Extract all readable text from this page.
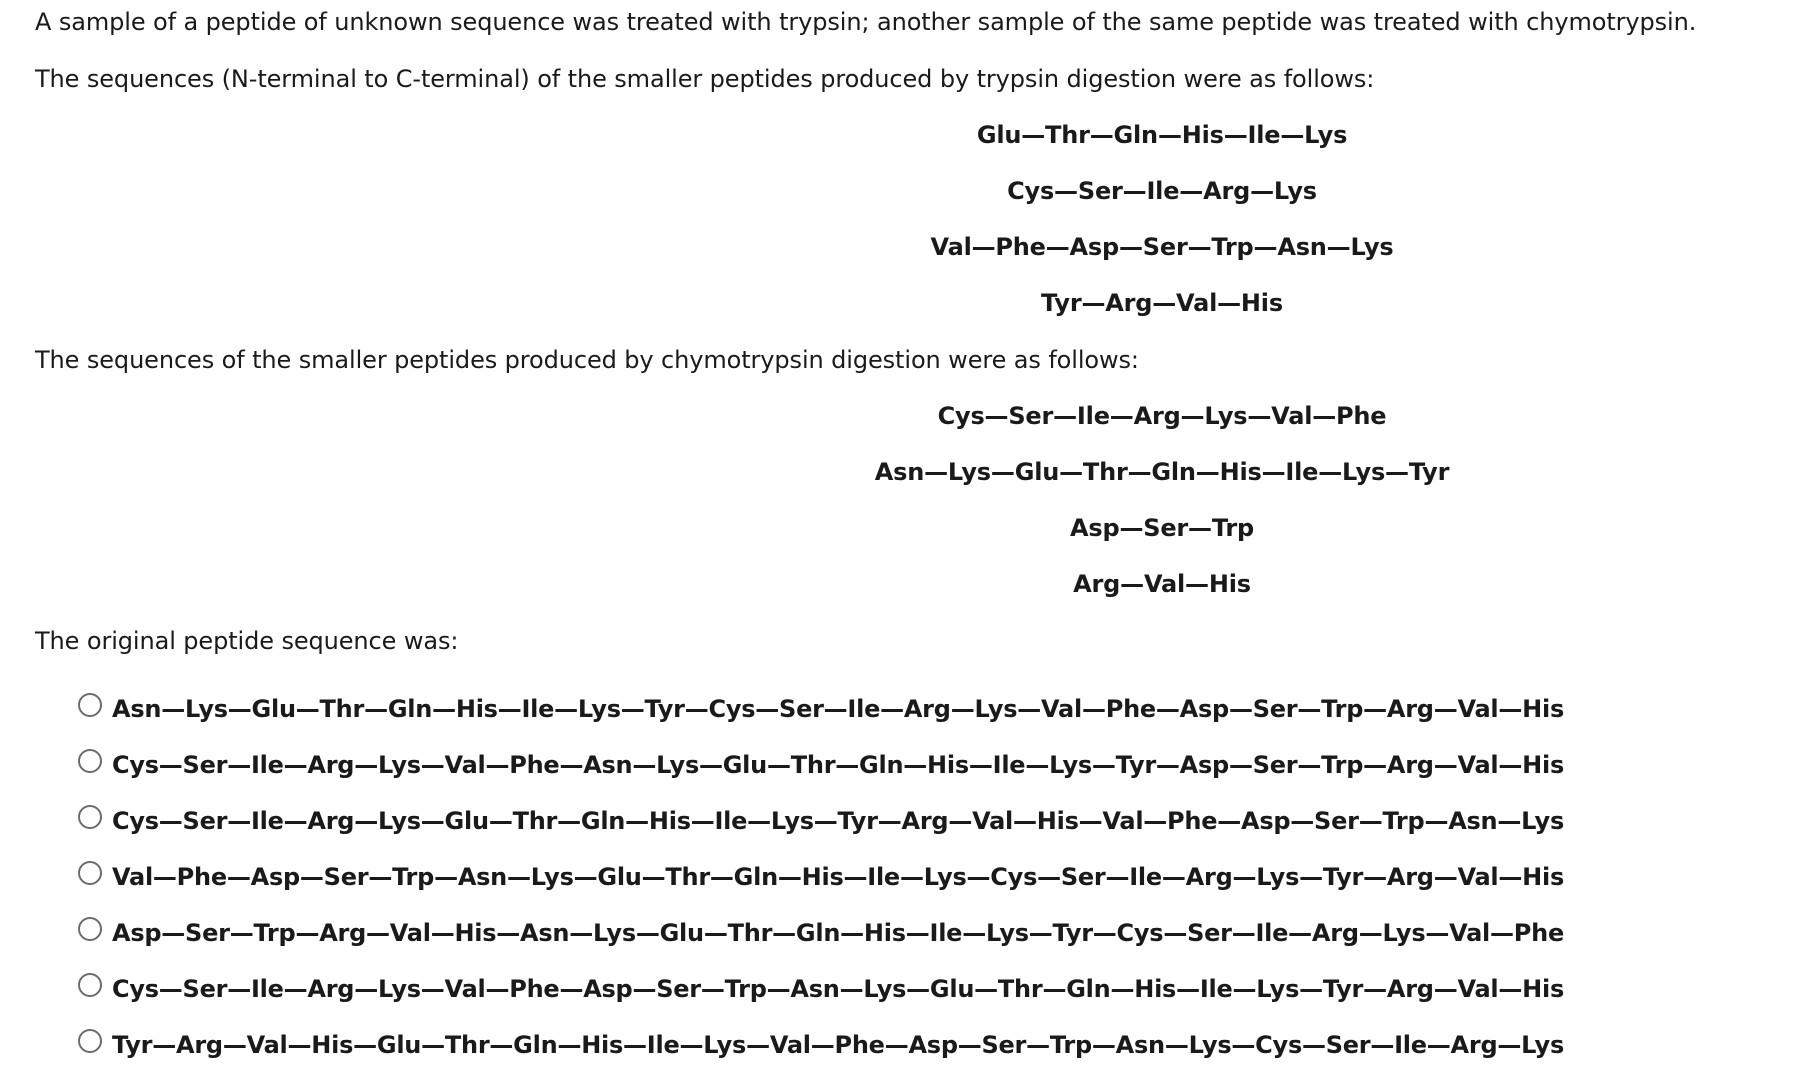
A sample of a peptide of unknown sequence was treated with trypsin; another sample of the same peptide was treated with chymotrypsin.
The sequences (N-terminal to C-terminal) of the smaller peptides produced by trypsin digestion were as follows:
Glu—Thr—Gln—His—Ile—Lys
Cys—Ser—Ile—Arg—Lys
Val—Phe—Asp—Ser—Trp—Asn—Lys
Tyr—Arg—Val—His
The sequences of the smaller peptides produced by chymotrypsin digestion were as follows:
Cys—Ser—Ile—Arg—Lys—Val—Phe
Asn—Lys—Glu—Thr—Gln—His—Ile—Lys—Tyr
Asp—Ser—Trp
Arg—Val—His
The original peptide sequence was:
Asn—Lys—Glu—Thr—Gln—His—Ile—Lys—Tyr—Cys—Ser—Ile—Arg—Lys—Val—Phe—Asp—Ser—Trp—Arg—Val—His
Cys—Ser—Ile—Arg—Lys—Val—Phe—Asn—Lys—Glu—Thr—Gln—His—Ile—Lys—Tyr—Asp—Ser—Trp—Arg—Val—His
Cys—Ser—Ile—Arg—Lys—Glu—Thr—Gln—His—Ile—Lys—Tyr—Arg—Val—His—Val—Phe—Asp—Ser—Trp—Asn—Lys
Val—Phe—Asp—Ser—Trp—Asn—Lys—Glu—Thr—Gln—His—Ile—Lys—Cys—Ser—Ile—Arg—Lys—Tyr—Arg—Val—His
Asp—Ser—Trp—Arg—Val—His—Asn—Lys—Glu—Thr—Gln—His—Ile—Lys—Tyr—Cys—Ser—Ile—Arg—Lys—Val—Phe
Cys—Ser—Ile—Arg—Lys—Val—Phe—Asp—Ser—Trp—Asn—Lys—Glu—Thr—Gln—His—Ile—Lys—Tyr—Arg—Val—His
Tyr—Arg—Val—His—Glu—Thr—Gln—His—Ile—Lys—Val—Phe—Asp—Ser—Trp—Asn—Lys—Cys—Ser—Ile—Arg—Lys
